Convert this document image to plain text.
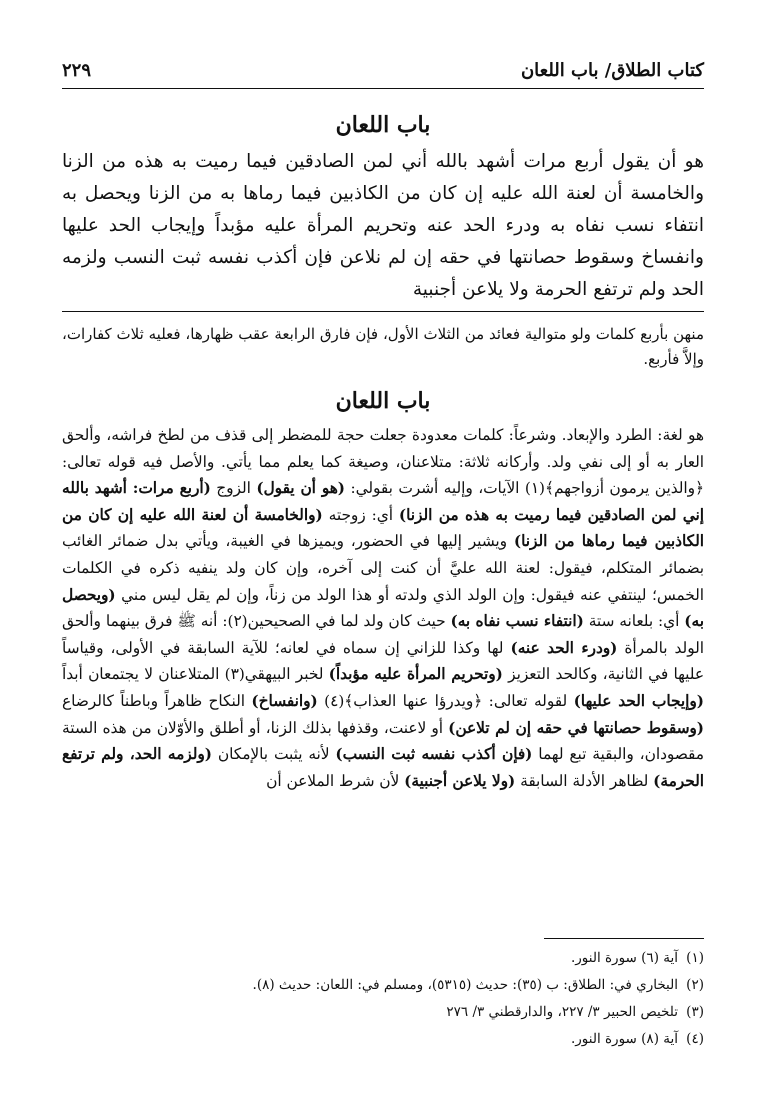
كتاب الطلاق/ باب اللعان
٢٢٩
باب اللعان

هو أن يقول أربع مرات أشهد بالله أني لمن الصادقين فيما رميت به هذه من الزنا والخامسة أن لعنة الله عليه إن كان من الكاذبين فيما رماها به من الزنا ويحصل به انتفاء نسب نفاه به ودرء الحد عنه وتحريم المرأة عليه مؤبداً وإيجاب الحد عليها وانفساخ وسقوط حصانتها في حقه إن لم نلاعن فإن أكذب نفسه ثبت النسب ولزمه الحد ولم ترتفع الحرمة ولا يلاعن أجنبية

منهن بأربع كلمات ولو متوالية فعائد من الثلاث الأول، فإن فارق الرابعة عقب ظهارها، فعليه ثلاث كفارات، وإلاَّ فأربع.

باب اللعان

هو لغة: الطرد والإبعاد. وشرعاً: كلمات معدودة جعلت حجة للمضطر إلى قذف من لطخ فراشه، وألحق العار به أو إلى نفي ولد. وأركانه ثلاثة: متلاعنان، وصيغة كما يعلم مما يأتي. والأصل فيه قوله تعالى: ﴿والذين يرمون أزواجهم﴾(١) الآيات، وإليه أشرت بقولي: (هو أن يقول) الزوج (أربع مرات: أشهد بالله إني لمن الصادقين فيما رميت به هذه من الزنا) أي: زوجته (والخامسة أن لعنة الله عليه إن كان من الكاذبين فيما رماها من الزنا) ويشير إليها في الحضور، ويميزها في الغيبة، ويأتي بدل ضمائر الغائب بضمائر المتكلم، فيقول: لعنة الله عليَّ أن كنت إلى آخره، وإن كان ولد ينفيه ذكره في الكلمات الخمس؛ لينتفي عنه فيقول: وإن الولد الذي ولدته أو هذا الولد من زناً، وإن لم يقل ليس مني (ويحصل به) أي: بلعانه ستة (انتفاء نسب نفاه به) حيث كان ولد لما في الصحيحين(٢): أنه ﷺ فرق بينهما وألحق الولد بالمرأة (ودرء الحد عنه) لها وكذا للزاني إن سماه في لعانه؛ للآية السابقة في الأولى، وقياساً عليها في الثانية، وكالحد التعزيز (وتحريم المرأة عليه مؤبداً) لخبر البيهقي(٣) المتلاعنان لا يجتمعان أبداً (وإيجاب الحد عليها) لقوله تعالى: ﴿ويدرؤا عنها العذاب﴾(٤) (وانفساخ) النكاح ظاهراً وباطناً كالرضاع (وسقوط حصانتها في حقه إن لم تلاعن) أو لاعنت، وقذفها بذلك الزنا، أو أطلق والأوّلان من هذه الستة مقصودان، والبقية تبع لهما (فإن أكذب نفسه ثبت النسب) لأنه يثبت بالإمكان (ولزمه الحد، ولم ترتفع الحرمة) لظاهر الأدلة السابقة (ولا يلاعن أجنبية) لأن شرط الملاعن أن

(١)آية (٦) سورة النور.
(٢)البخاري في: الطلاق: ب (٣٥): حديث (٥٣١٥)، ومسلم في: اللعان: حديث (٨).
(٣)تلخيص الحبير ٣/ ٢٢٧، والدارقطني ٣/ ٢٧٦
(٤)آية (٨) سورة النور.
